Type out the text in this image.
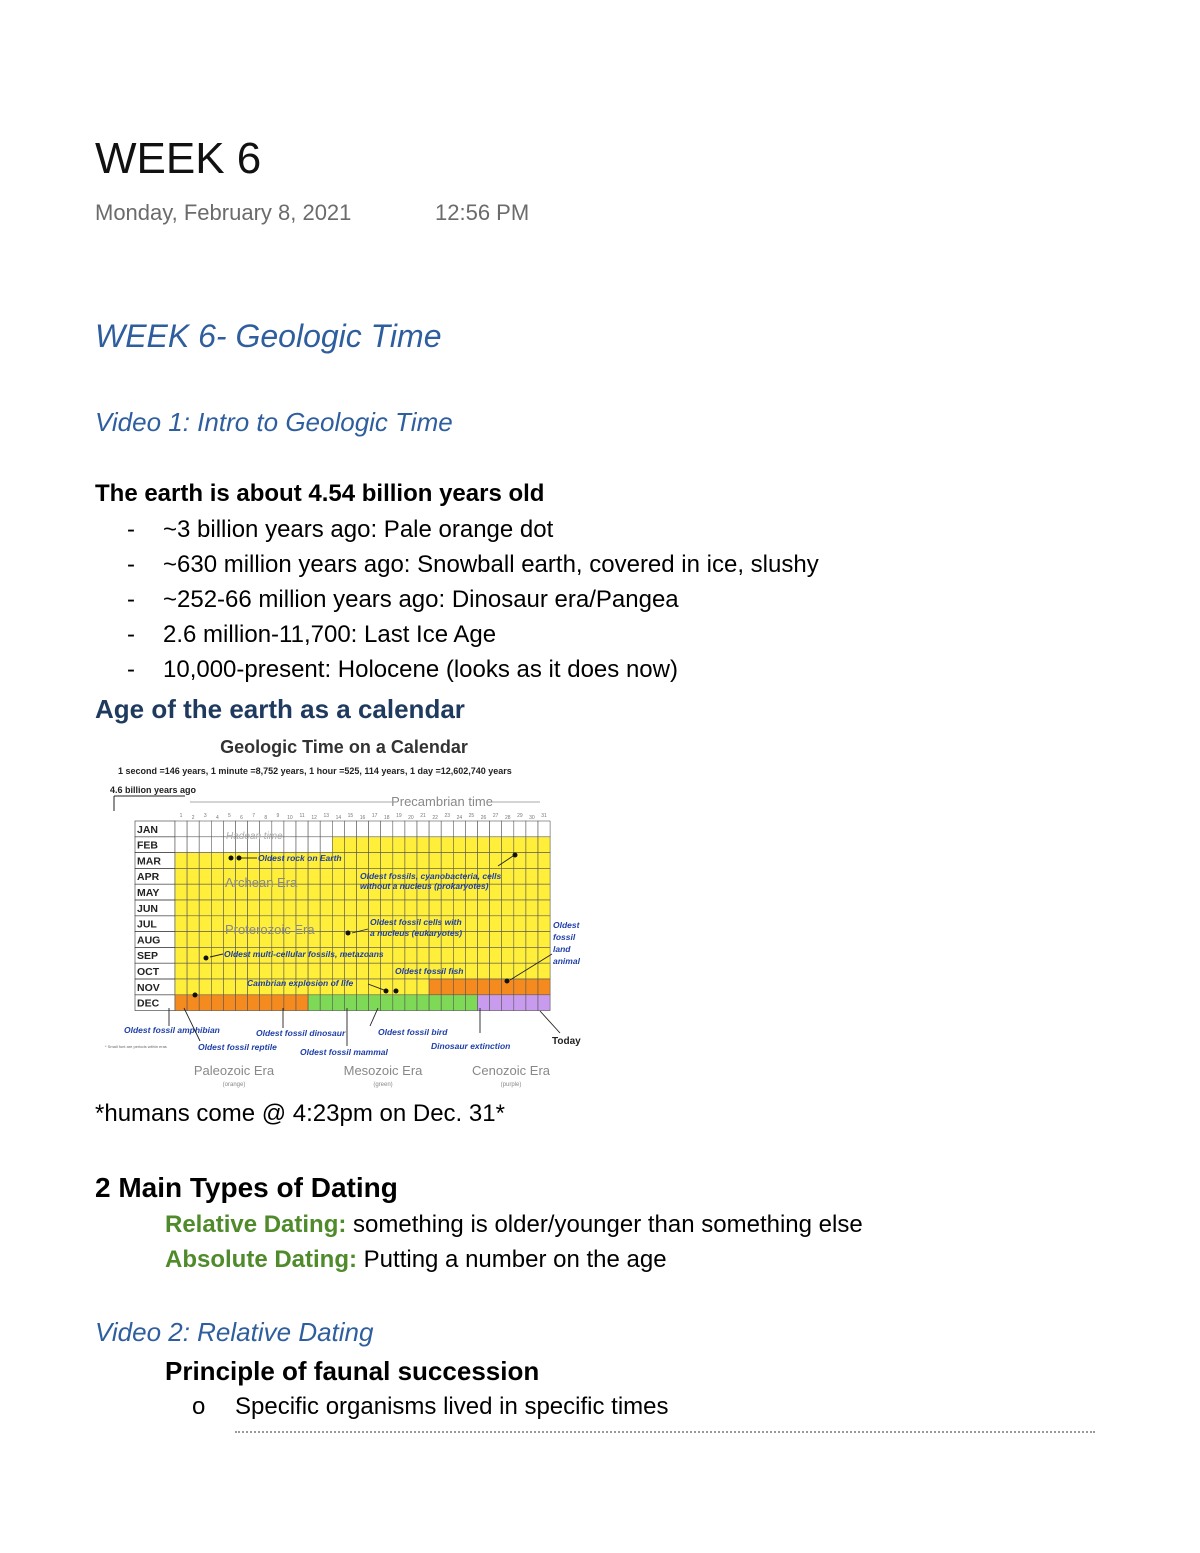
WEEK 6
Monday, February 8, 2021	12:56 PM
WEEK 6- Geologic Time
Video 1: Intro to Geologic Time
The earth is about 4.54 billion years old
- ~3 billion years ago: Pale orange dot
- ~630 million years ago: Snowball earth, covered in ice, slushy
- ~252-66 million years ago: Dinosaur era/Pangea
- 2.6 million-11,700: Last Ice Age
- 10,000-present: Holocene (looks as it does now)
Age of the earth as a calendar
Geologic Time on a Calendar
1 second =146 years, 1 minute =8,752 years, 1 hour =525, 114 years, 1 day =12,602,740 years
4.6 billion years ago
Precambrian time
1 2 3 4 5 6 7 8 9 10 11 12 13 14 15 16 17 18 19 20 21 22 23 24 25 26 27 28 29 30 31
JAN
FEB
MAR
APR
MAY
JUN
JUL
AUG
SEP
OCT
NOV
DEC
Hadean time
Archean Era
Proterozoic Era
Oldest rock on Earth
Oldest fossils, cyanobacteria, cells
without a nucleus (prokaryotes)
Oldest fossil cells with
a nucleus (eukaryotes)
Oldest multi-cellular fossils, metazoans
Oldest fossil fish
Cambrian explosion of life
Oldest
fossil
land
animal
Oldest fossil amphibian
Oldest fossil reptile
Oldest fossil dinosaur
Oldest fossil mammal
Oldest fossil bird
Dinosaur extinction	Today
* Small font are periods within eras
Paleozoic Era
(orange)
Mesozoic Era
(green)
Cenozoic Era
(purple)
*humans come @ 4:23pm on Dec. 31*
2 Main Types of Dating
Relative Dating: something is older/younger than something else
Absolute Dating: Putting a number on the age
Video 2: Relative Dating
Principle of faunal succession
o Specific organisms lived in specific times
